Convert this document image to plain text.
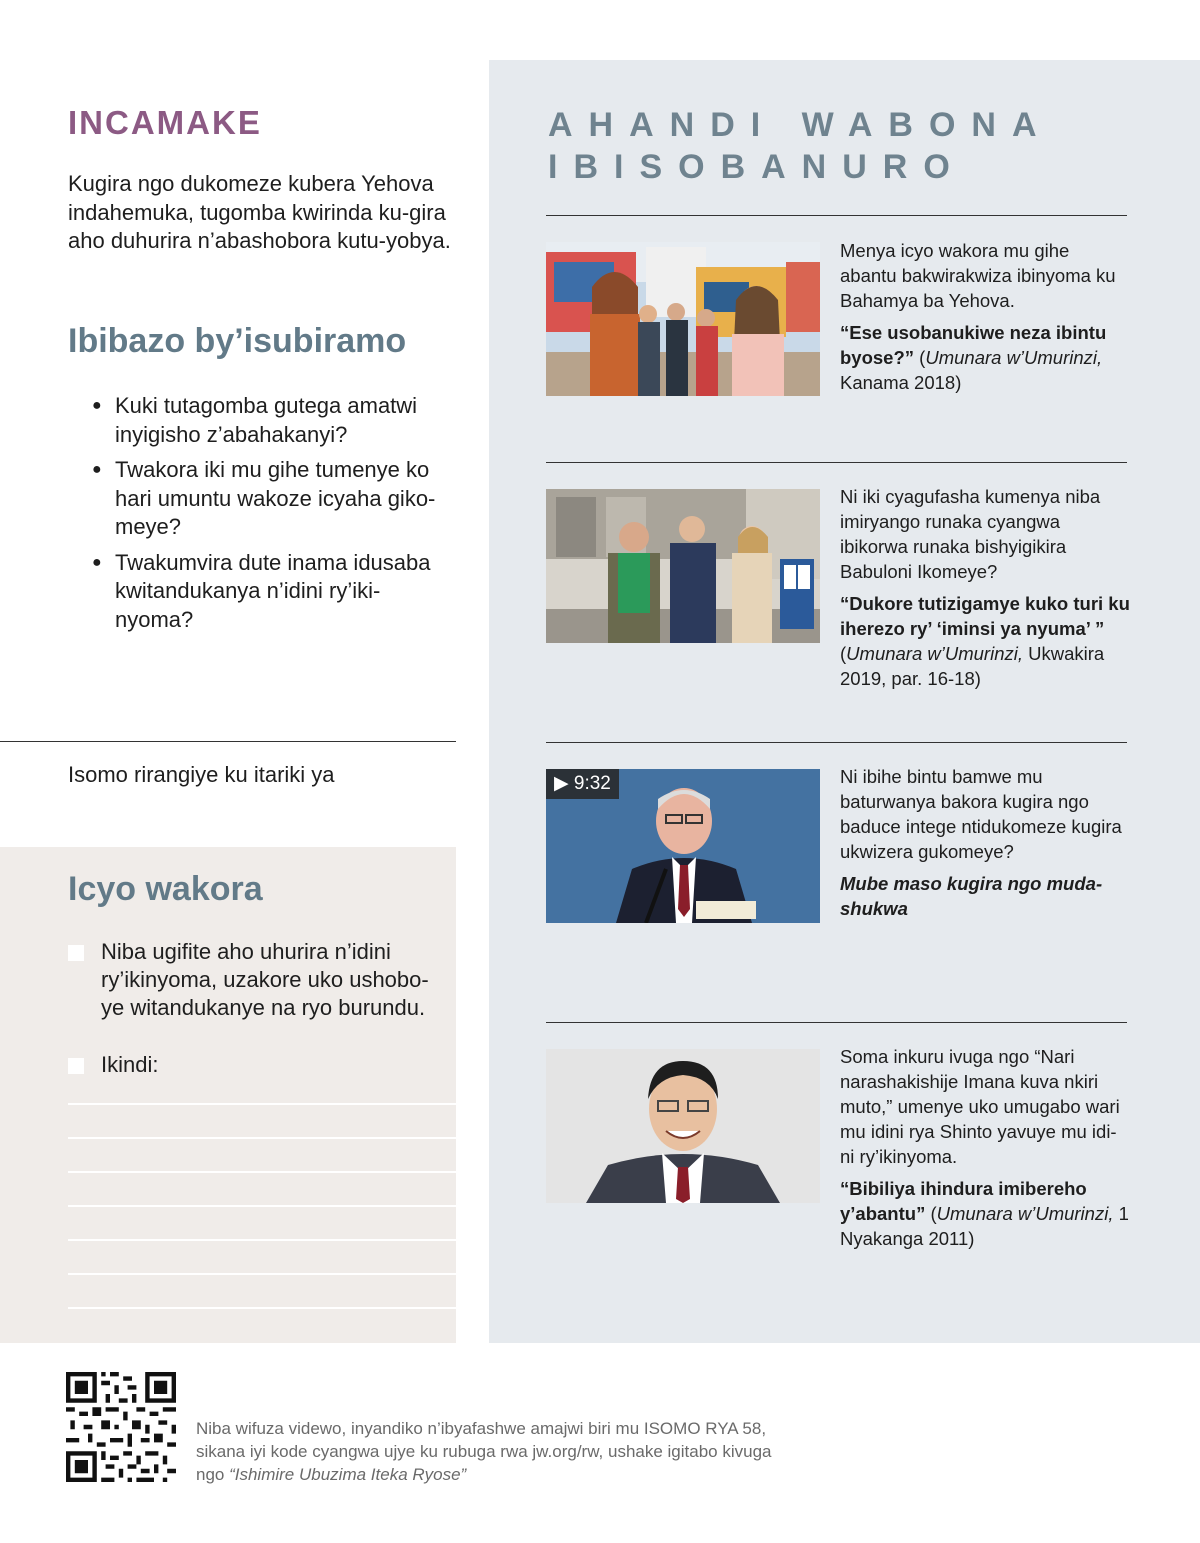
INCAMAKE

Kugira ngo dukomeze kubera Yehova indahemuka, tugomba kwirinda ku-gira aho duhurira n’abashobora kutu-yobya.

Ibibazo by’isubiramo
● Kuki tutagomba gutega amatwi inyigisho z’abahakanyi?
● Twakora iki mu gihe tumenye ko hari umuntu wakoze icyaha giko-meye?
● Twakumvira dute inama idusaba kwitandukanya n’idini ry’iki-nyoma?

Isomo rirangiye ku itariki ya

Icyo wakora
Niba ugifite aho uhurira n’idini ry’ikinyoma, uzakore uko ushobo-ye witandukanye na ryo burundu.
Ikindi:
AHANDI WABONA
IBISOBANURO
Menya icyo wakora mu gihe abantu bakwirakwiza ibinyoma ku Bahamya ba Yehova.
“Ese usobanukiwe neza ibintu byose?” (Umunara w’Umurinzi, Kanama 2018)
Ni iki cyagufasha kumenya niba imiryango runaka cyangwa ibikorwa runaka bishyigikira Babuloni Ikomeye?
“Dukore tutizigamye kuko turi ku iherezo ry’ ‘iminsi ya nyuma’ ” (Umunara w’Umurinzi, Ukwakira 2019, par. 16-18)
▶ 9:32	Ni ibihe bintu bamwe mu baturwanya bakora kugira ngo baduce intege ntidukomeze kugira ukwizera gukomeye?
Mube maso kugira ngo muda-shukwa
Soma inkuru ivuga ngo “Nari narashakishije Imana kuva nkiri muto,” umenye uko umugabo wari mu idini rya Shinto yavuye mu idi-ni ry’ikinyoma.
“Bibiliya ihindura imibereho y’abantu” (Umunara w’Umurinzi, 1 Nyakanga 2011)

Niba wifuza videwo, inyandiko n’ibyafashwe amajwi biri mu ISOMO RYA 58, sikana iyi kode cyangwa ujye ku rubuga rwa jw.org/rw, ushake igitabo kivuga ngo “Ishimire Ubuzima Iteka Ryose”
